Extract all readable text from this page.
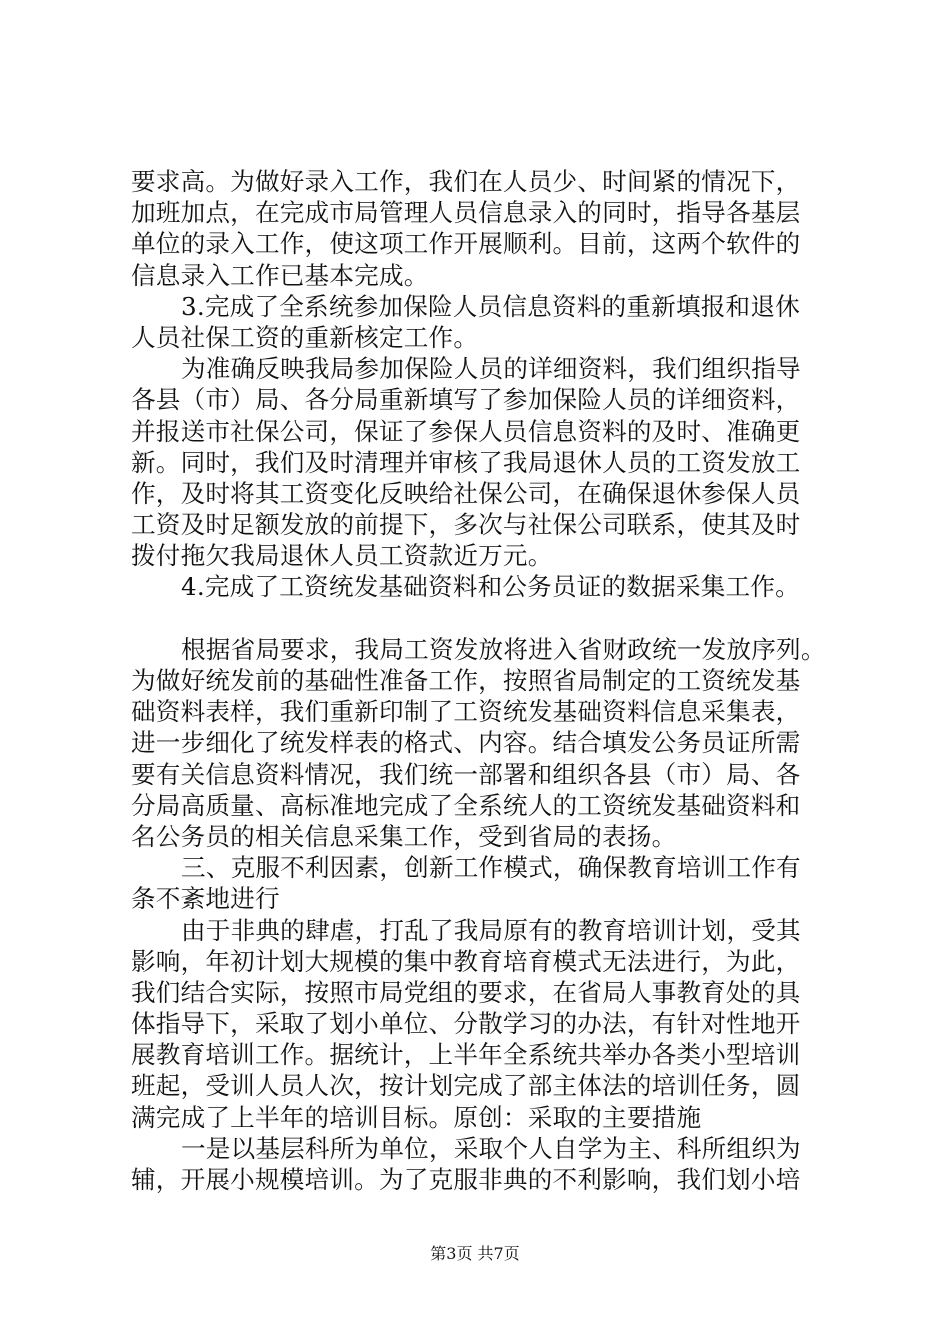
要求高。为做好录入工作，我们在人员少、时间紧的情况下，
加班加点，在完成市局管理人员信息录入的同时，指导各基层
单位的录入工作，使这项工作开展顺利。目前，这两个软件的
信息录入工作已基本完成。
3.完成了全系统参加保险人员信息资料的重新填报和退休
人员社保工资的重新核定工作。
为准确反映我局参加保险人员的详细资料，我们组织指导
各县（市）局、各分局重新填写了参加保险人员的详细资料，
并报送市社保公司，保证了参保人员信息资料的及时、准确更
新。同时，我们及时清理并审核了我局退休人员的工资发放工
作，及时将其工资变化反映给社保公司，在确保退休参保人员
工资及时足额发放的前提下，多次与社保公司联系，使其及时
拨付拖欠我局退休人员工资款近万元。
4.完成了工资统发基础资料和公务员证的数据采集工作。
根据省局要求，我局工资发放将进入省财政统一发放序列。
为做好统发前的基础性准备工作，按照省局制定的工资统发基
础资料表样，我们重新印制了工资统发基础资料信息采集表，
进一步细化了统发样表的格式、内容。结合填发公务员证所需
要有关信息资料情况，我们统一部署和组织各县（市）局、各
分局高质量、高标准地完成了全系统人的工资统发基础资料和
名公务员的相关信息采集工作，受到省局的表扬。
三、克服不利因素，创新工作模式，确保教育培训工作有
条不紊地进行
由于非典的肆虐，打乱了我局原有的教育培训计划，受其
影响，年初计划大规模的集中教育培育模式无法进行，为此，
我们结合实际，按照市局党组的要求，在省局人事教育处的具
体指导下，采取了划小单位、分散学习的办法，有针对性地开
展教育培训工作。据统计，上半年全系统共举办各类小型培训
班起，受训人员人次，按计划完成了部主体法的培训任务，圆
满完成了上半年的培训目标。原创：采取的主要措施
一是以基层科所为单位，采取个人自学为主、科所组织为
辅，开展小规模培训。为了克服非典的不利影响，我们划小培
第3页 共7页
